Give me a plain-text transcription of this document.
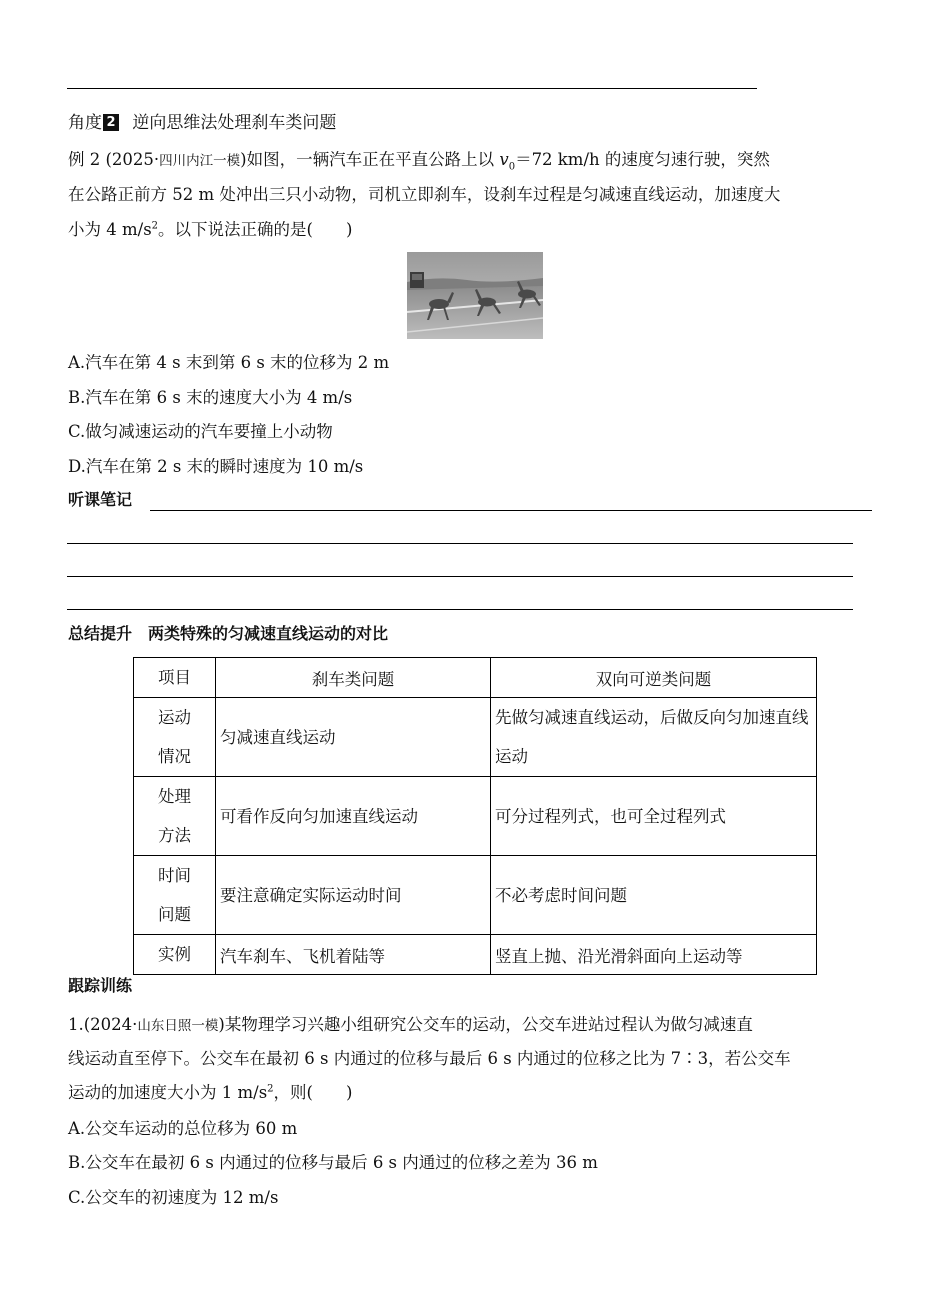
角度 2 逆向思维法处理刹车类问题
例 2 (2025·四川内江一模)如图，一辆汽车正在平直公路上以 $v_0=72$ km/h 的速度匀速行驶，突然
在公路正前方 52 m 处冲出三只小动物，司机立即刹车，设刹车过程是匀减速直线运动，加速度大
小为 4 $m/s^2$。以下说法正确的是(　　)
A.汽车在第 4 s 末到第 6 s 末的位移为 2 m
B.汽车在第 6 s 末的速度大小为 4 m/s
C.做匀减速运动的汽车要撞上小动物
D.汽车在第 2 s 末的瞬时速度为 10 m/s
听课笔记
总结提升　两类特殊的匀减速直线运动的对比
项目	刹车类问题	双向可逆类问题
运动
情况	匀减速直线运动	先做匀减速直线运动，后做反向匀加速直线运动
处理
方法	可看作反向匀加速直线运动	可分过程列式，也可全过程列式
时间
问题	要注意确定实际运动时间	不必考虑时间问题
实例	汽车刹车、飞机着陆等	竖直上抛、沿光滑斜面向上运动等
跟踪训练
1.(2024·山东日照一模)某物理学习兴趣小组研究公交车的运动，公交车进站过程认为做匀减速直
线运动直至停下。公交车在最初 6 s 内通过的位移与最后 6 s 内通过的位移之比为 7∶3，若公交车
运动的加速度大小为 1 $m/s^2$，则(　　)
A.公交车运动的总位移为 60 m
B.公交车在最初 6 s 内通过的位移与最后 6 s 内通过的位移之差为 36 m
C.公交车的初速度为 12 m/s
